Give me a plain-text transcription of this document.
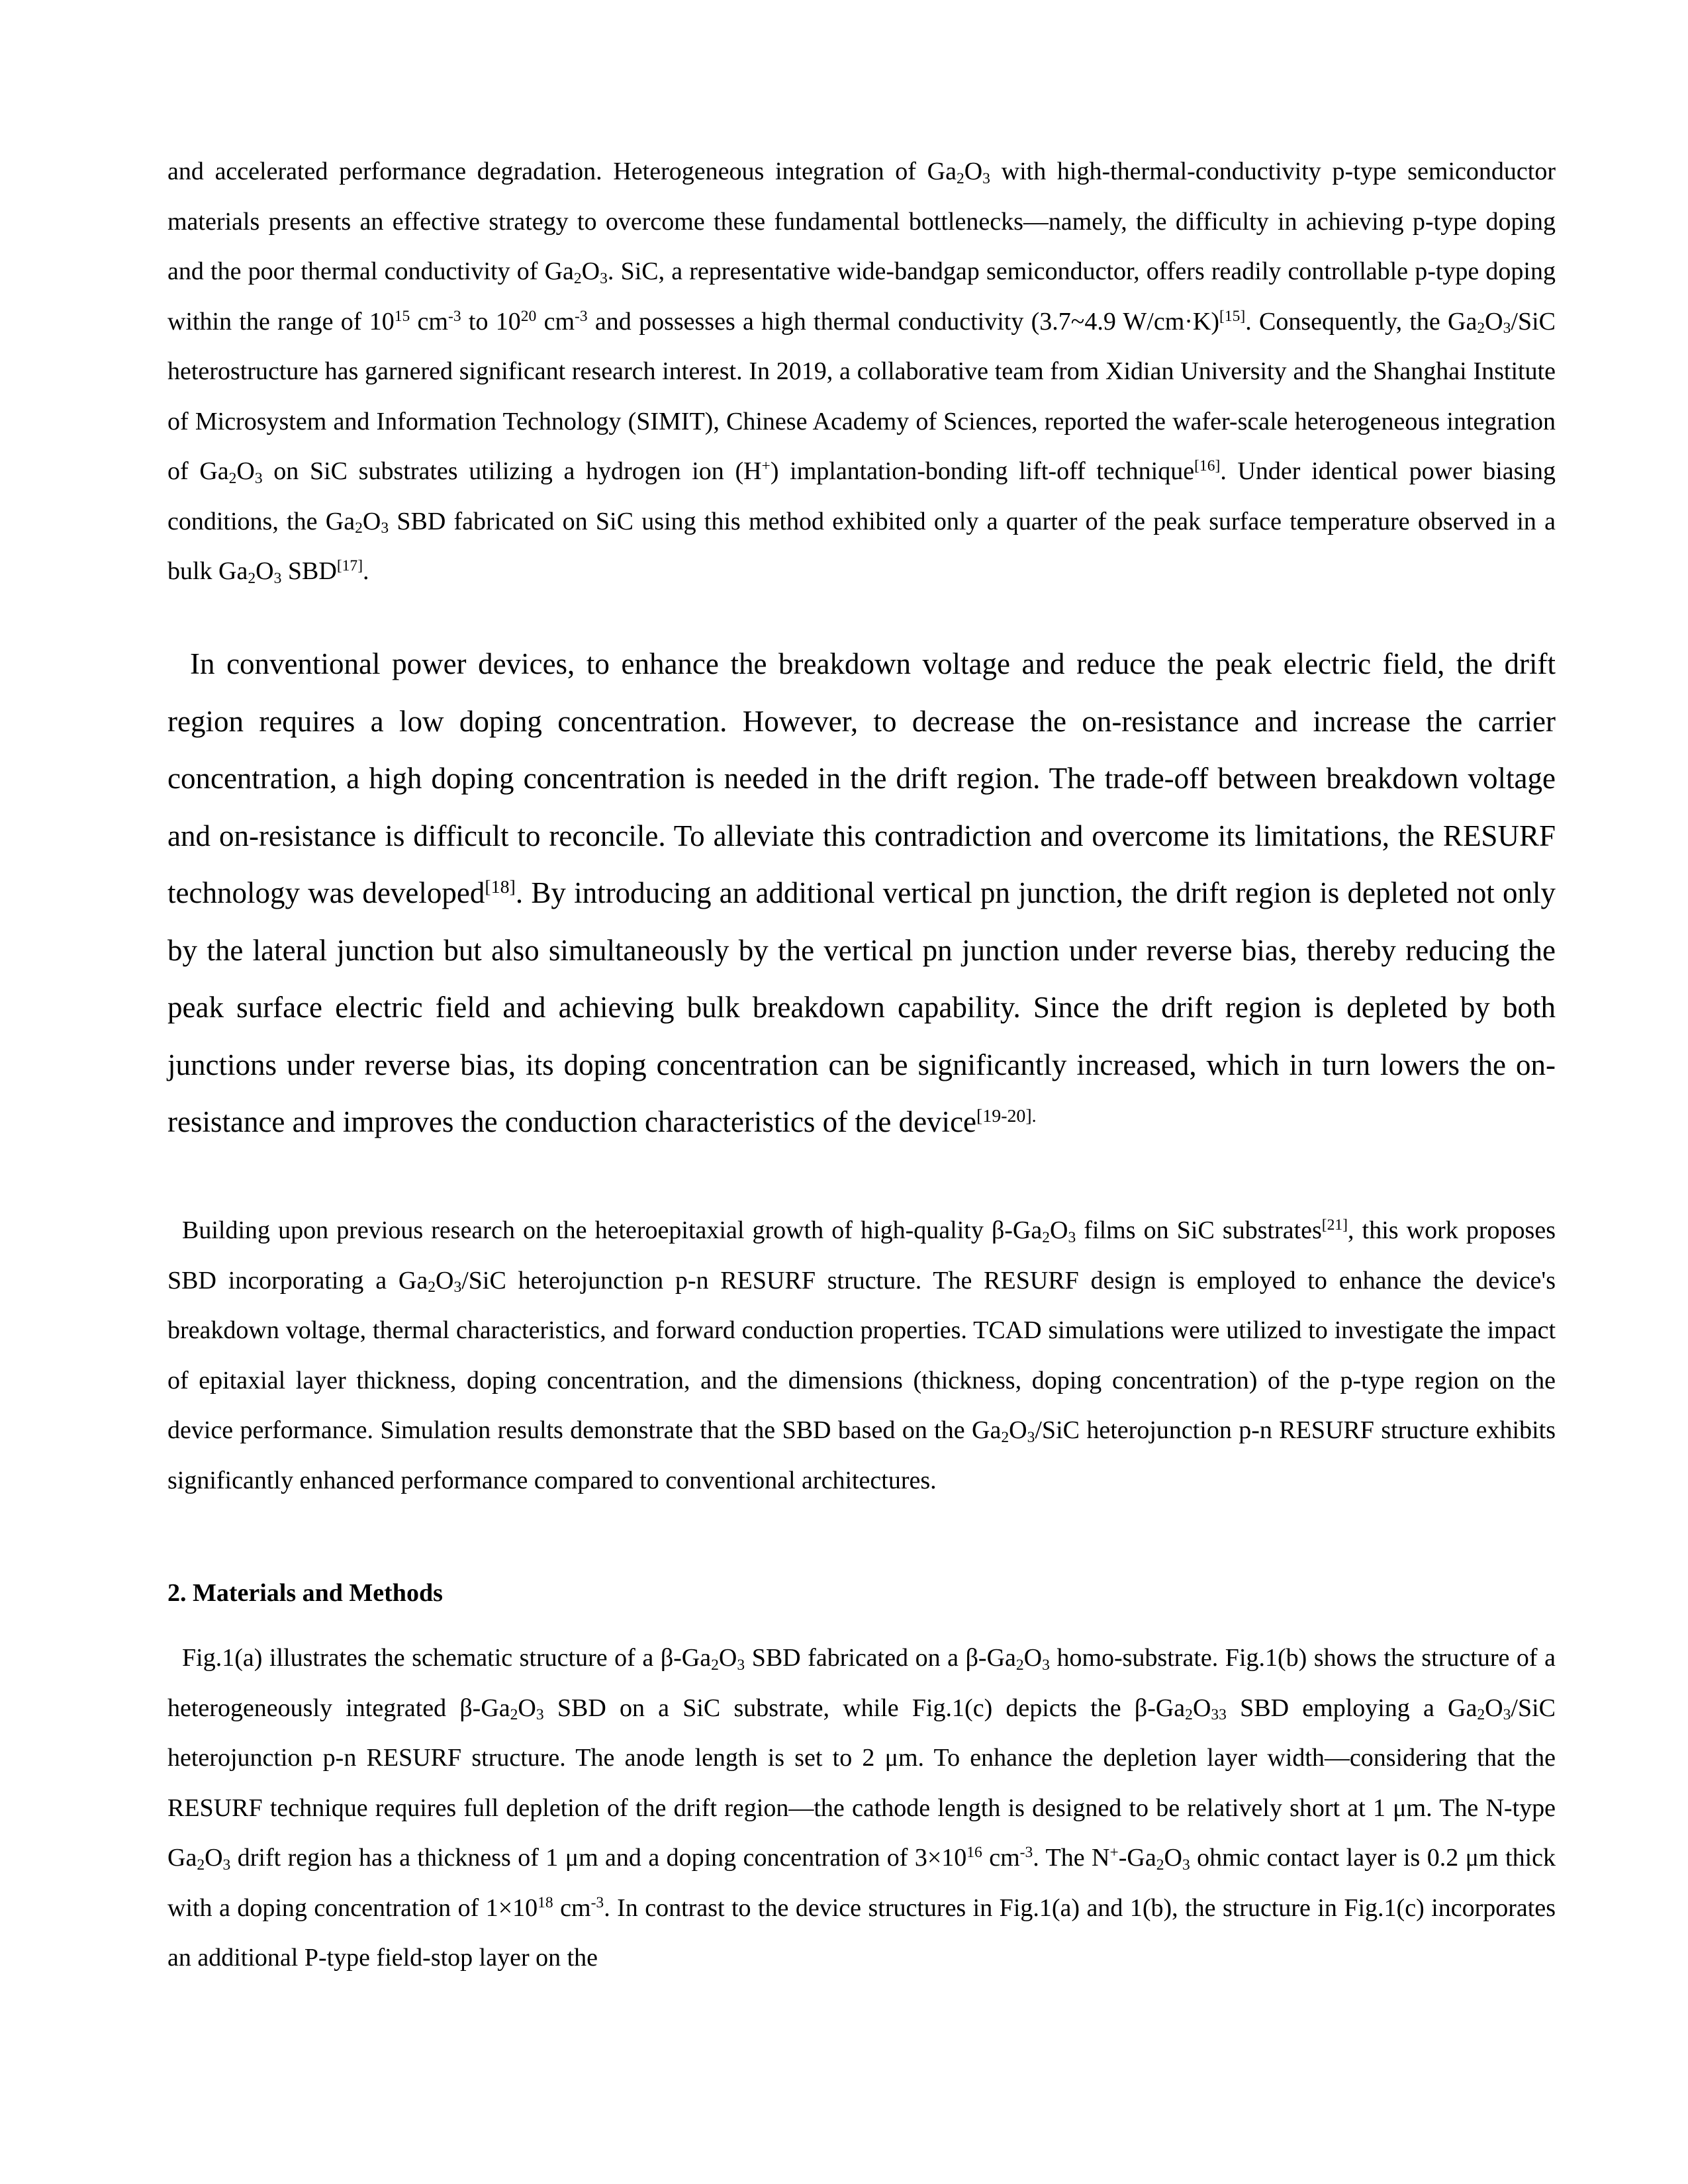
and accelerated performance degradation. Heterogeneous integration of $Ga_2O_3$ with high-thermal-conductivity p-type semiconductor materials presents an effective strategy to overcome these fundamental bottlenecks—namely, the difficulty in achieving p-type doping and the poor thermal conductivity of $Ga_2O_3$. SiC, a representative wide-bandgap semiconductor, offers readily controllable p-type doping within the range of $10^{15}$ $cm^{-3}$ to $10^{20}$ $cm^{-3}$ and possesses a high thermal conductivity (3.7~4.9 W/cm·K)[15]. Consequently, the $Ga_2O_3$/SiC heterostructure has garnered significant research interest. In 2019, a collaborative team from Xidian University and the Shanghai Institute of Microsystem and Information Technology (SIMIT), Chinese Academy of Sciences, reported the wafer-scale heterogeneous integration of $Ga_2O_3$ on SiC substrates utilizing a hydrogen ion (H+) implantation-bonding lift-off technique[16]. Under identical power biasing conditions, the $Ga_2O_3$ SBD fabricated on SiC using this method exhibited only a quarter of the peak surface temperature observed in a bulk $Ga_2O_3$ SBD[17].

In conventional power devices, to enhance the breakdown voltage and reduce the peak electric field, the drift region requires a low doping concentration. However, to decrease the on-resistance and increase the carrier concentration, a high doping concentration is needed in the drift region. The trade-off between breakdown voltage and on-resistance is difficult to reconcile. To alleviate this contradiction and overcome its limitations, the RESURF technology was developed[18]. By introducing an additional vertical pn junction, the drift region is depleted not only by the lateral junction but also simultaneously by the vertical pn junction under reverse bias, thereby reducing the peak surface electric field and achieving bulk breakdown capability. Since the drift region is depleted by both junctions under reverse bias, its doping concentration can be significantly increased, which in turn lowers the on-resistance and improves the conduction characteristics of the device$^{[19-20].}$

Building upon previous research on the heteroepitaxial growth of high-quality $\beta-Ga_2O_3$ films on SiC substrates[21], this work proposes SBD incorporating a $Ga_2O_3$/SiC heterojunction p-n RESURF structure. The RESURF design is employed to enhance the device's breakdown voltage, thermal characteristics, and forward conduction properties. TCAD simulations were utilized to investigate the impact of epitaxial layer thickness, doping concentration, and the dimensions (thickness, doping concentration) of the p-type region on the device performance. Simulation results demonstrate that the SBD based on the $Ga_2O_3$/SiC heterojunction p-n RESURF structure exhibits significantly enhanced performance compared to conventional architectures.

2. Materials and Methods

Fig.1(a) illustrates the schematic structure of a $\beta-Ga_2O_3$ SBD fabricated on a $\beta-Ga_2O_3$ homo-substrate. Fig.1(b) shows the structure of a heterogeneously integrated $\beta-Ga_2O_3$ SBD on a SiC substrate, while Fig.1(c) depicts the $\beta-Ga_2O_{33}$ SBD employing a $Ga_2O_3$/SiC heterojunction p-n RESURF structure. The anode length is set to 2 μm. To enhance the depletion layer width—considering that the RESURF technique requires full depletion of the drift region—the cathode length is designed to be relatively short at 1 μm. The N-type $Ga_2O_3$ drift region has a thickness of 1 μm and a doping concentration of $3\times 10^{16}$ $cm^{-3}$. The $N^+-Ga_2O_3$ ohmic contact layer is 0.2 μm thick with a doping concentration of $1\times 10^{18}$ $cm^{-3}$. In contrast to the device structures in Fig.1(a) and 1(b), the structure in Fig.1(c) incorporates an additional P-type field-stop layer on the
